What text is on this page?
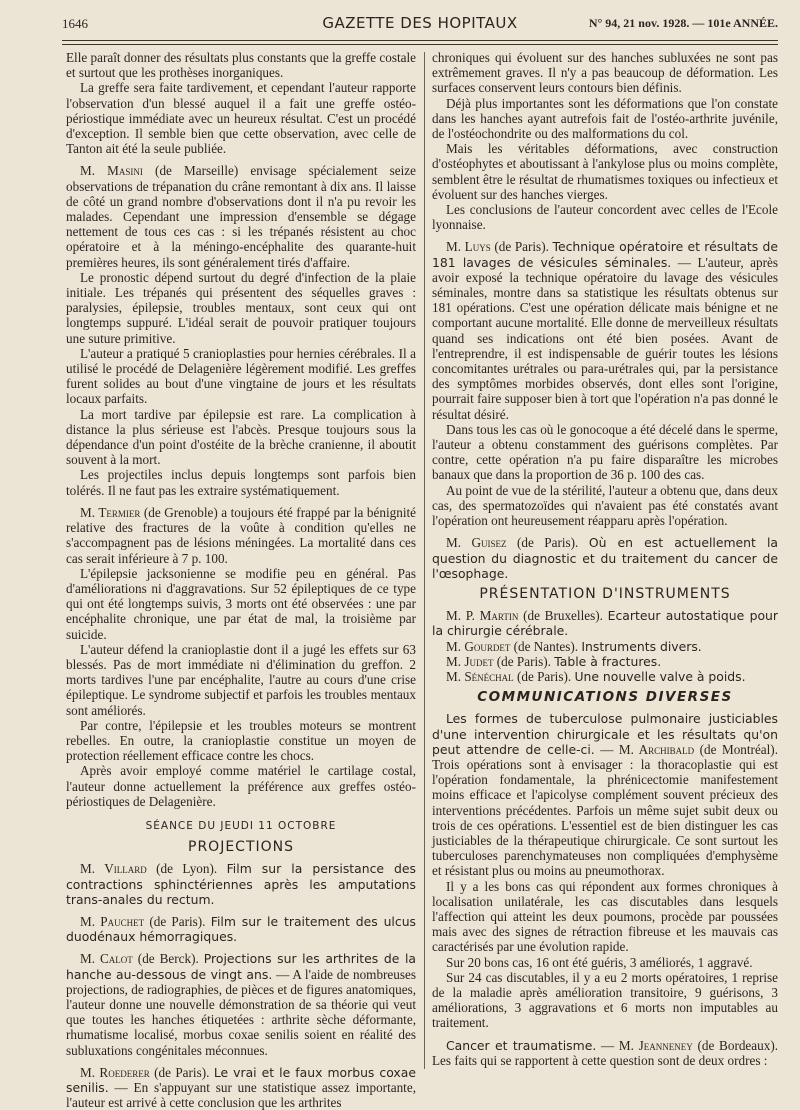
1646	GAZETTE DES HOPITAUX	N° 94, 21 nov. 1928. — 101e ANNÉE.

Elle paraît donner des résultats plus constants que la greffe costale et surtout que les prothèses inorganiques.

La greffe sera faite tardivement, et cependant l'auteur rapporte l'observation d'un blessé auquel il a fait une greffe ostéo-périostique immédiate avec un heureux résultat. C'est un procédé d'exception. Il semble bien que cette observation, avec celle de Tanton ait été la seule publiée.

M. Masini (de Marseille) envisage spécialement seize observations de trépanation du crâne remontant à dix ans. Il laisse de côté un grand nombre d'observations dont il n'a pu revoir les malades. Cependant une impression d'ensemble se dégage nettement de tous ces cas : si les trépanés résistent au choc opératoire et à la méningo-encéphalite des quarante-huit premières heures, ils sont généralement tirés d'affaire.

Le pronostic dépend surtout du degré d'infection de la plaie initiale. Les trépanés qui présentent des séquelles graves : paralysies, épilepsie, troubles mentaux, sont ceux qui ont longtemps suppuré. L'idéal serait de pouvoir pratiquer toujours une suture primitive.

L'auteur a pratiqué 5 cranioplasties pour hernies cérébrales. Il a utilisé le procédé de Delagenière légèrement modifié. Les greffes furent solides au bout d'une vingtaine de jours et les résultats locaux parfaits.

La mort tardive par épilepsie est rare. La complication à distance la plus sérieuse est l'abcès. Presque toujours sous la dépendance d'un point d'ostéite de la brèche cranienne, il aboutit souvent à la mort.

Les projectiles inclus depuis longtemps sont parfois bien tolérés. Il ne faut pas les extraire systématiquement.

M. Termier (de Grenoble) a toujours été frappé par la bénignité relative des fractures de la voûte à condition qu'elles ne s'accompagnent pas de lésions méningées. La mortalité dans ces cas serait inférieure à 7 p. 100.

L'épilepsie jacksonienne se modifie peu en général. Pas d'améliorations ni d'aggravations. Sur 52 épileptiques de ce type qui ont été longtemps suivis, 3 morts ont été observées : une par encéphalite chronique, une par état de mal, la troisième par suicide.

L'auteur défend la cranioplastie dont il a jugé les effets sur 63 blessés. Pas de mort immédiate ni d'élimination du greffon. 2 morts tardives l'une par encéphalite, l'autre au cours d'une crise épileptique. Le syndrome subjectif et parfois les troubles mentaux sont améliorés.

Par contre, l'épilepsie et les troubles moteurs se montrent rebelles. En outre, la cranioplastie constitue un moyen de protection réellement efficace contre les chocs.

Après avoir employé comme matériel le cartilage costal, l'auteur donne actuellement la préférence aux greffes ostéo-périostiques de Delagenière.

SÉANCE DU JEUDI 11 OCTOBRE

PROJECTIONS

M. Villard (de Lyon). Film sur la persistance des contractions sphinctériennes après les amputations trans-anales du rectum.

M. Pauchet (de Paris). Film sur le traitement des ulcus duodénaux hémorragiques.

M. Calot (de Berck). Projections sur les arthrites de la hanche au-dessous de vingt ans. — A l'aide de nombreuses projections, de radiographies, de pièces et de figures anatomiques, l'auteur donne une nouvelle démonstration de sa théorie qui veut que toutes les hanches étiquetées : arthrite sèche déformante, rhumatisme localisé, morbus coxae senilis soient en réalité des subluxations congénitales méconnues.

M. Roederer (de Paris). Le vrai et le faux morbus coxae senilis. — En s'appuyant sur une statistique assez importante, l'auteur est arrivé à cette conclusion que les arthrites

chroniques qui évoluent sur des hanches subluxées ne sont pas extrêmement graves. Il n'y a pas beaucoup de déformation. Les surfaces conservent leurs contours bien définis.

Déjà plus importantes sont les déformations que l'on constate dans les hanches ayant autrefois fait de l'ostéo-arthrite juvénile, de l'ostéochondrite ou des malformations du col.

Mais les véritables déformations, avec construction d'ostéophytes et aboutissant à l'ankylose plus ou moins complète, semblent être le résultat de rhumatismes toxiques ou infectieux et évoluent sur des hanches vierges.

Les conclusions de l'auteur concordent avec celles de l'Ecole lyonnaise.

M. Luys (de Paris). Technique opératoire et résultats de 181 lavages de vésicules séminales. — L'auteur, après avoir exposé la technique opératoire du lavage des vésicules séminales, montre dans sa statistique les résultats obtenus sur 181 opérations. C'est une opération délicate mais bénigne et ne comportant aucune mortalité. Elle donne de merveilleux résultats quand ses indications ont été bien posées. Avant de l'entreprendre, il est indispensable de guérir toutes les lésions concomitantes urétrales ou para-urétrales qui, par la persistance des symptômes morbides observés, dont elles sont l'origine, pourrait faire supposer bien à tort que l'opération n'a pas donné le résultat désiré.

Dans tous les cas où le gonocoque a été décelé dans le sperme, l'auteur a obtenu constamment des guérisons complètes. Par contre, cette opération n'a pu faire disparaître les microbes banaux que dans la proportion de 36 p. 100 des cas.

Au point de vue de la stérilité, l'auteur a obtenu que, dans deux cas, des spermatozoïdes qui n'avaient pas été constatés avant l'opération ont heureusement réapparu après l'opération.

M. Guisez (de Paris). Où en est actuellement la question du diagnostic et du traitement du cancer de l'œsophage.

PRÉSENTATION D'INSTRUMENTS

M. P. Martin (de Bruxelles). Ecarteur autostatique pour la chirurgie cérébrale.

M. Gourdet (de Nantes). Instruments divers.

M. Judet (de Paris). Table à fractures.

M. Sénéchal (de Paris). Une nouvelle valve à poids.

COMMUNICATIONS DIVERSES

Les formes de tuberculose pulmonaire justiciables d'une intervention chirurgicale et les résultats qu'on peut attendre de celle-ci. — M. Archibald (de Montréal). Trois opérations sont à envisager : la thoracoplastie qui est l'opération fondamentale, la phrénicectomie manifestement moins efficace et l'apicolyse complément souvent précieux des interventions précédentes. Parfois un même sujet subit deux ou trois de ces opérations. L'essentiel est de bien distinguer les cas justiciables de la thérapeutique chirurgicale. Ce sont surtout les tuberculoses parenchymateuses non compliquées d'emphysème et résistant plus ou moins au pneumothorax.

Il y a les bons cas qui répondent aux formes chroniques à localisation unilatérale, les cas discutables dans lesquels l'affection qui atteint les deux poumons, procède par poussées mais avec des signes de rétraction fibreuse et les mauvais cas caractérisés par une évolution rapide.

Sur 20 bons cas, 16 ont été guéris, 3 améliorés, 1 aggravé.

Sur 24 cas discutables, il y a eu 2 morts opératoires, 1 reprise de la maladie après amélioration transitoire, 9 guérisons, 3 améliorations, 3 aggravations et 6 morts non imputables au traitement.

Cancer et traumatisme. — M. Jeanneney (de Bordeaux). Les faits qui se rapportent à cette question sont de deux ordres :
